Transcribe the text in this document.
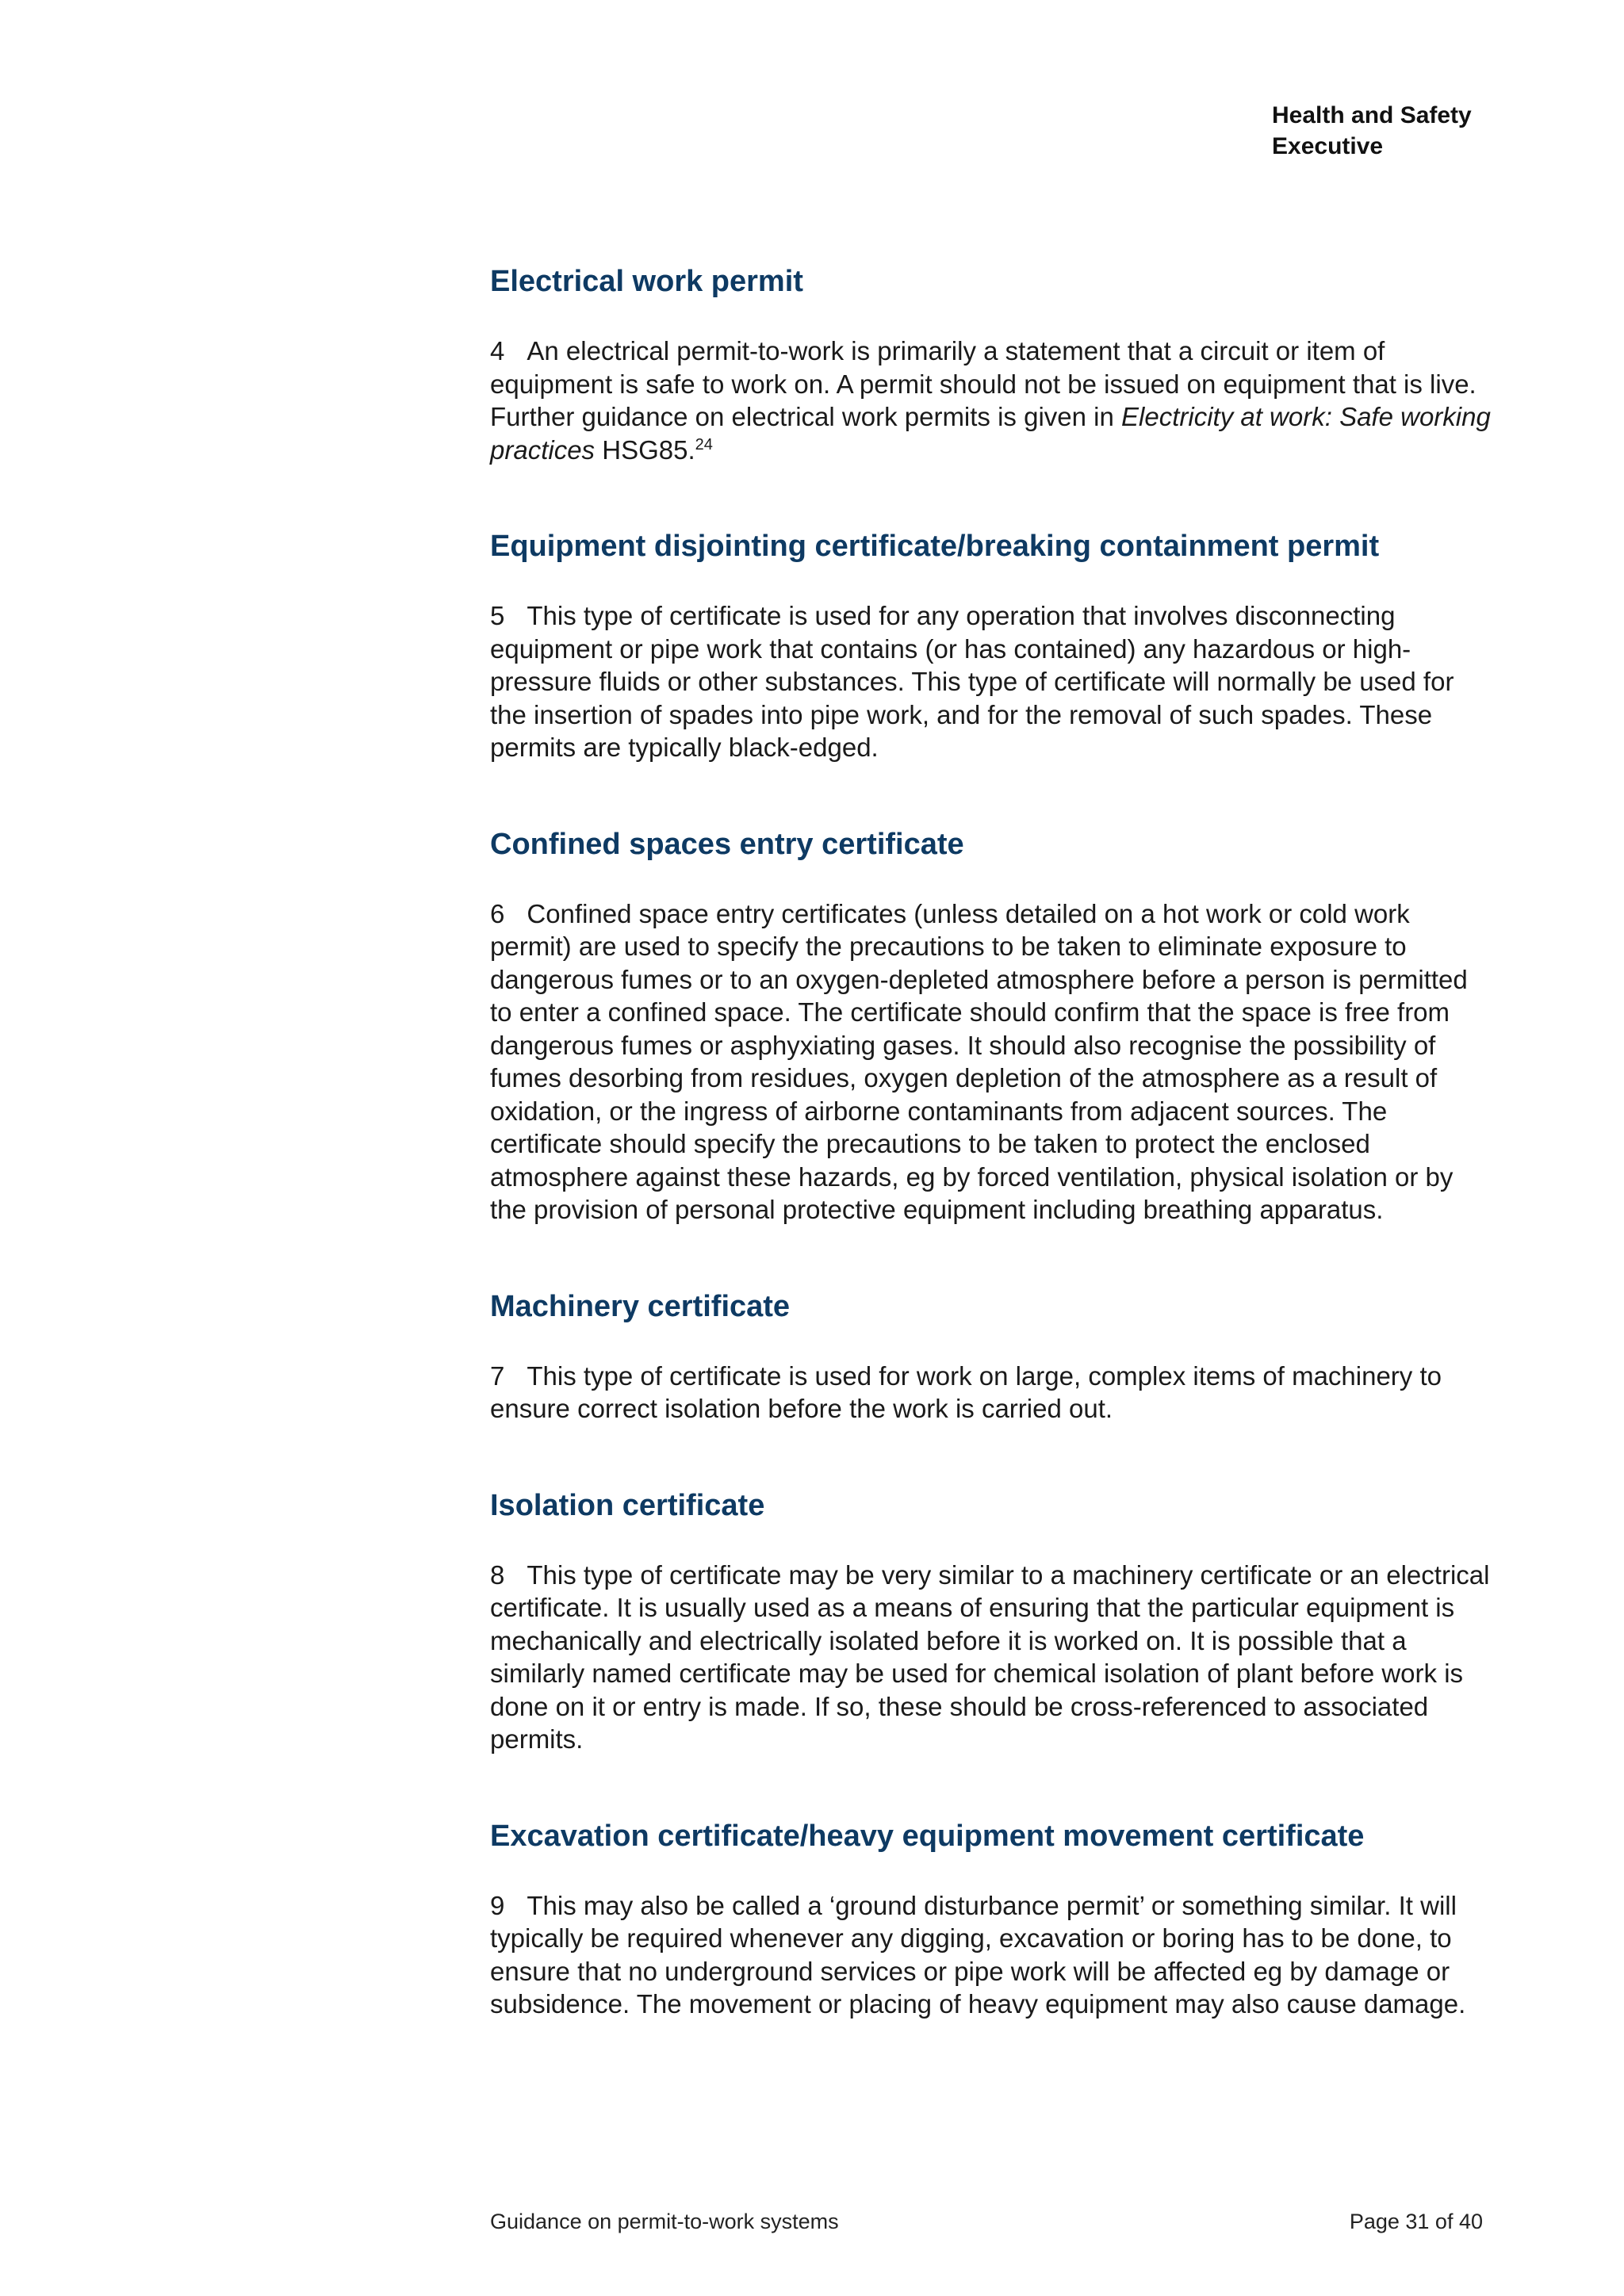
Health and Safety
Executive
Electrical work permit

4 An electrical permit-to-work is primarily a statement that a circuit or item of equipment is safe to work on. A permit should not be issued on equipment that is live. Further guidance on electrical work permits is given in Electricity at work: Safe working practices HSG85.24

Equipment disjointing certificate/breaking containment permit

5 This type of certificate is used for any operation that involves disconnecting equipment or pipe work that contains (or has contained) any hazardous or high-pressure fluids or other substances. This type of certificate will normally be used for the insertion of spades into pipe work, and for the removal of such spades. These permits are typically black-edged.

Confined spaces entry certificate

6 Confined space entry certificates (unless detailed on a hot work or cold work permit) are used to specify the precautions to be taken to eliminate exposure to dangerous fumes or to an oxygen-depleted atmosphere before a person is permitted to enter a confined space. The certificate should confirm that the space is free from dangerous fumes or asphyxiating gases. It should also recognise the possibility of fumes desorbing from residues, oxygen depletion of the atmosphere as a result of oxidation, or the ingress of airborne contaminants from adjacent sources. The certificate should specify the precautions to be taken to protect the enclosed atmosphere against these hazards, eg by forced ventilation, physical isolation or by the provision of personal protective equipment including breathing apparatus.

Machinery certificate

7 This type of certificate is used for work on large, complex items of machinery to ensure correct isolation before the work is carried out.

Isolation certificate

8 This type of certificate may be very similar to a machinery certificate or an electrical certificate. It is usually used as a means of ensuring that the particular equipment is mechanically and electrically isolated before it is worked on. It is possible that a similarly named certificate may be used for chemical isolation of plant before work is done on it or entry is made. If so, these should be cross-referenced to associated permits.

Excavation certificate/heavy equipment movement certificate

9 This may also be called a ‘ground disturbance permit’ or something similar. It will typically be required whenever any digging, excavation or boring has to be done, to ensure that no underground services or pipe work will be affected eg by damage or subsidence. The movement or placing of heavy equipment may also cause damage.

Guidance on permit-to-work systems	Page 31 of 40
